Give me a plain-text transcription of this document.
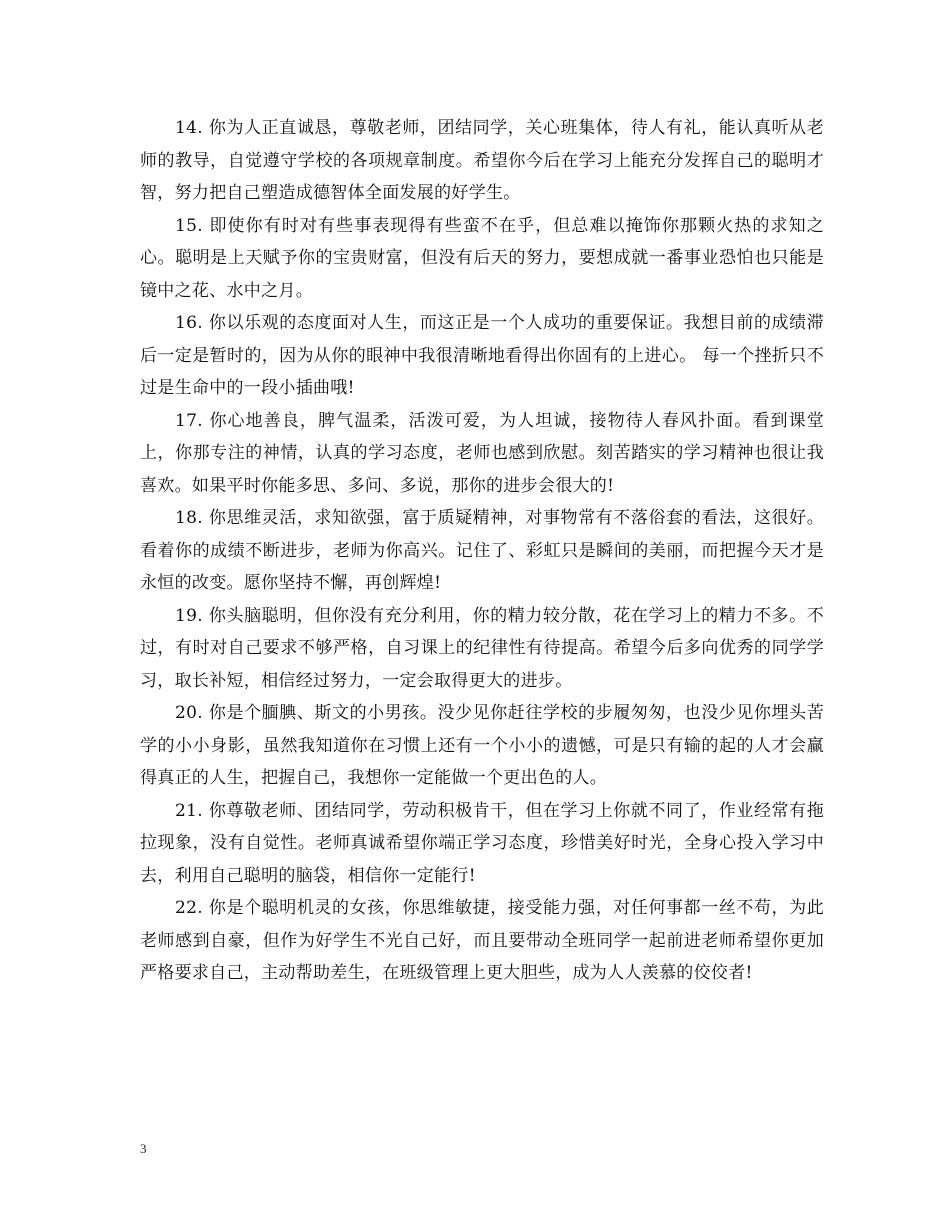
14. 你为人正直诚恳，尊敬老师，团结同学，关心班集体，待人有礼，能认真听从老师的教导，自觉遵守学校的各项规章制度。希望你今后在学习上能充分发挥自己的聪明才智，努力把自己塑造成德智体全面发展的好学生。

15. 即使你有时对有些事表现得有些蛮不在乎，但总难以掩饰你那颗火热的求知之心。聪明是上天赋予你的宝贵财富，但没有后天的努力，要想成就一番事业恐怕也只能是镜中之花、水中之月。

16. 你以乐观的态度面对人生，而这正是一个人成功的重要保证。我想目前的成绩滞后一定是暂时的，因为从你的眼神中我很清晰地看得出你固有的上进心。 每一个挫折只不过是生命中的一段小插曲哦!

17. 你心地善良，脾气温柔，活泼可爱，为人坦诚，接物待人春风扑面。看到课堂上，你那专注的神情，认真的学习态度，老师也感到欣慰。刻苦踏实的学习精神也很让我喜欢。如果平时你能多思、多问、多说，那你的进步会很大的!

18. 你思维灵活，求知欲强，富于质疑精神，对事物常有不落俗套的看法，这很好。看着你的成绩不断进步，老师为你高兴。记住了、彩虹只是瞬间的美丽，而把握今天才是永恒的改变。愿你坚持不懈，再创辉煌!

19. 你头脑聪明，但你没有充分利用，你的精力较分散，花在学习上的精力不多。不过，有时对自己要求不够严格，自习课上的纪律性有待提高。希望今后多向优秀的同学学习，取长补短，相信经过努力，一定会取得更大的进步。

20. 你是个腼腆、斯文的小男孩。没少见你赶往学校的步履匆匆，也没少见你埋头苦学的小小身影，虽然我知道你在习惯上还有一个小小的遗憾，可是只有输的起的人才会赢得真正的人生，把握自己，我想你一定能做一个更出色的人。

21. 你尊敬老师、团结同学，劳动积极肯干，但在学习上你就不同了，作业经常有拖拉现象，没有自觉性。老师真诚希望你端正学习态度，珍惜美好时光，全身心投入学习中去，利用自己聪明的脑袋，相信你一定能行!

22. 你是个聪明机灵的女孩，你思维敏捷，接受能力强，对任何事都一丝不苟，为此老师感到自豪，但作为好学生不光自己好，而且要带动全班同学一起前进老师希望你更加严格要求自己，主动帮助差生，在班级管理上更大胆些，成为人人羡慕的佼佼者!

3
